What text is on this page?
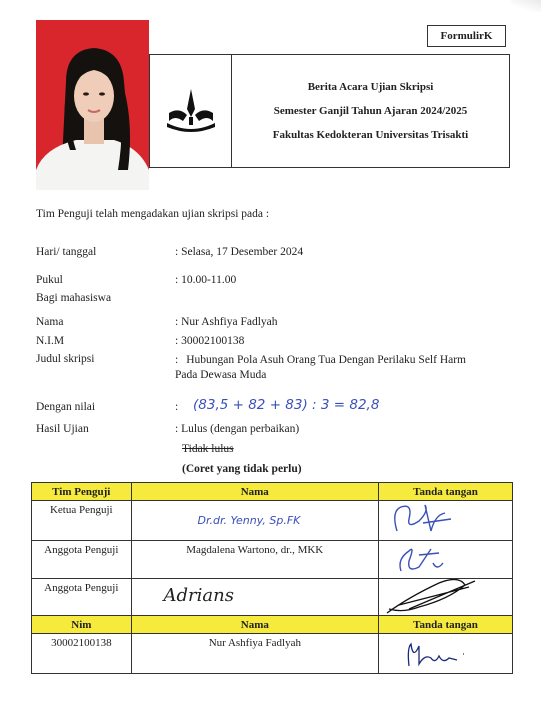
FormulirK
Berita Acara Ujian Skripsi
Semester Ganjil Tahun Ajaran 2024/2025
Fakultas Kedokteran Universitas Trisakti
Tim Penguji telah mengadakan ujian skripsi pada :
Hari/ tanggal	: Selasa, 17 Desember 2024
Pukul	: 10.00-11.00
Bagi mahasiswa
Nama	: Nur Ashfiya Fadlyah
N.I.M	: 30002100138
Judul skripsi	: Hubungan Pola Asuh Orang Tua Dengan Perilaku Self Harm Pada Dewasa Muda
Dengan nilai	: (83,5 + 82 + 83) : 3 = 82,8
Hasil Ujian	: Lulus (dengan perbaikan)
Tidak lulus
(Coret yang tidak perlu)
Tim Penguji	Nama	Tanda tangan
Ketua Penguji	Dr.dr. Yenny, Sp.FK

Anggota Penguji	Magdalena Wartono, dr., MKK	
Anggota Penguji	Adrians

Nim	Nama	Tanda tangan
30002100138	Nur Ashfiya Fadlyah	
